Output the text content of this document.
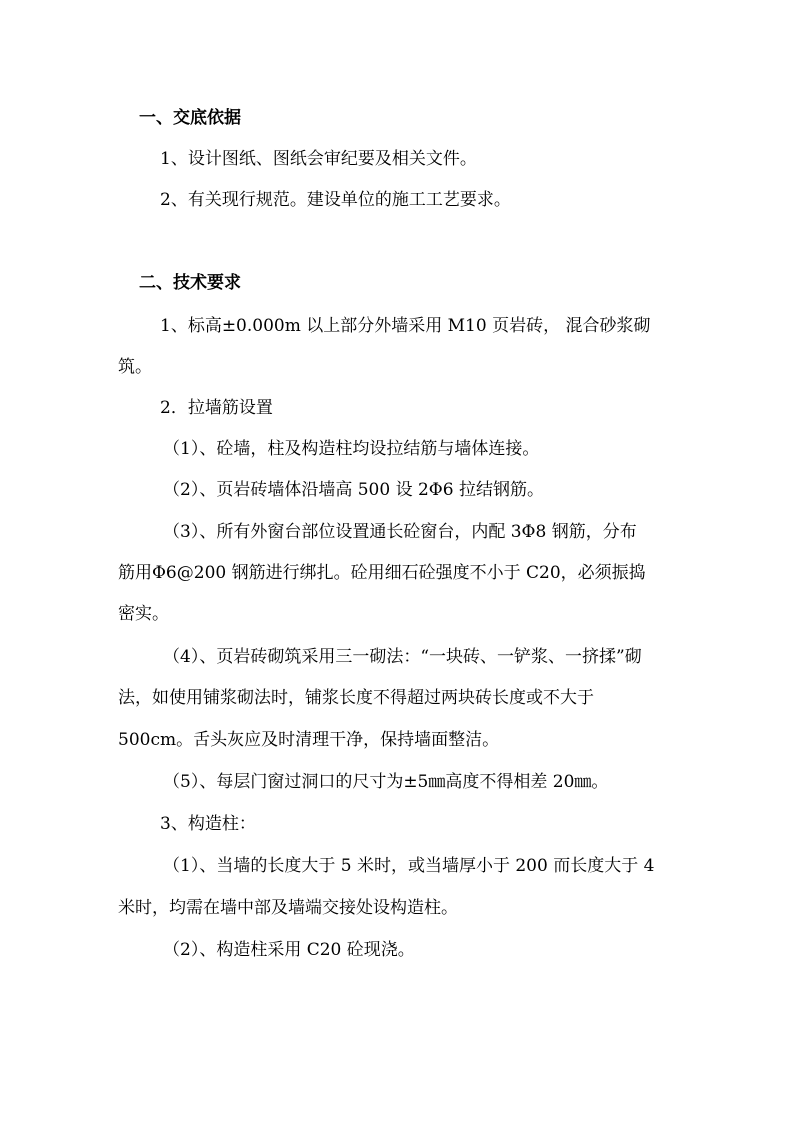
一、交底依据
1、设计图纸、图纸会审纪要及相关文件。
2、有关现行规范。建设单位的施工工艺要求。
二、技术要求
1、标高±0.000m 以上部分外墙采用 M10 页岩砖， 混合砂浆砌
筑。
2．拉墙筋设置
（1）、砼墙，柱及构造柱均设拉结筋与墙体连接。
（2）、页岩砖墙体沿墙高 500 设 2Φ6 拉结钢筋。
（3）、所有外窗台部位设置通长砼窗台，内配 3Φ8 钢筋，分布
筋用Φ6@200 钢筋进行绑扎。砼用细石砼强度不小于 C20，必须振捣
密实。
（4）、页岩砖砌筑采用三一砌法：“一块砖、一铲浆、一挤揉”砌
法，如使用铺浆砌法时，铺浆长度不得超过两块砖长度或不大于
500cm。舌头灰应及时清理干净，保持墙面整洁。
（5）、每层门窗过洞口的尺寸为±5㎜高度不得相差 20㎜。
3、构造柱：
（1）、当墙的长度大于 5 米时，或当墙厚小于 200 而长度大于 4
米时，均需在墙中部及墙端交接处设构造柱。
（2）、构造柱采用 C20 砼现浇。
